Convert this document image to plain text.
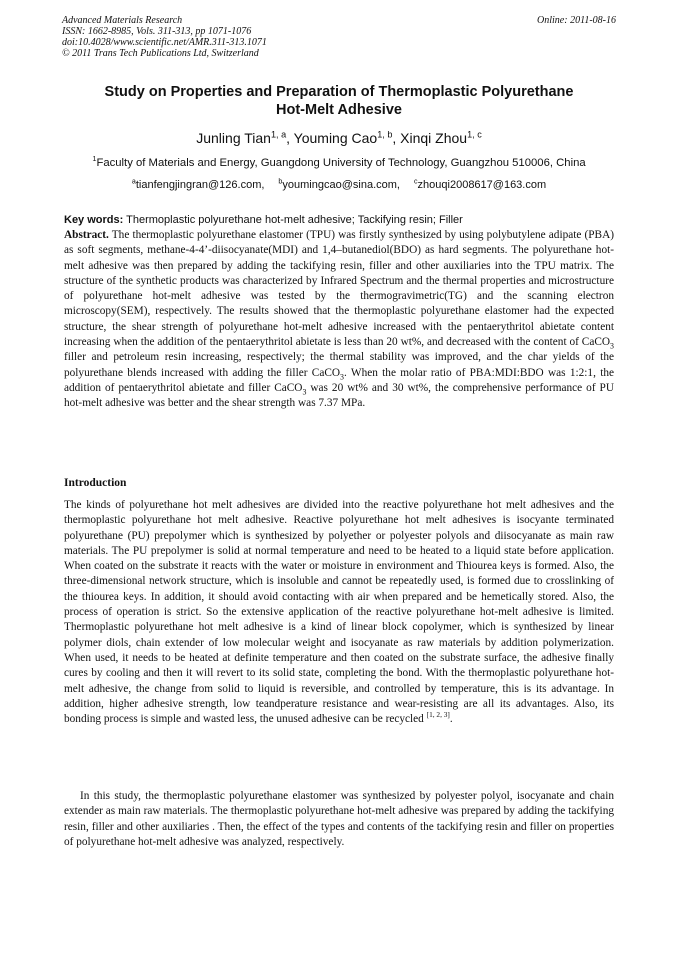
Advanced Materials Research
ISSN: 1662-8985, Vols. 311-313, pp 1071-1076
doi:10.4028/www.scientific.net/AMR.311-313.1071
© 2011 Trans Tech Publications Ltd, Switzerland
Online: 2011-08-16
Study on Properties and Preparation of Thermoplastic Polyurethane
Hot-Melt Adhesive
Junling Tian$^{1, a}$, Youming Cao$^{1, b}$, Xinqi Zhou$^{1, c}$
$^1$Faculty of Materials and Energy, Guangdong University of Technology, Guangzhou 510006, China
$^a$tianfengjingran@126.com, $^b$youmingcao@sina.com, $^c$zhouqi2008617@163.com
Key words: Thermoplastic polyurethane hot-melt adhesive; Tackifying resin; Filler
Abstract. The thermoplastic polyurethane elastomer (TPU) was firstly synthesized by using polybutylene adipate (PBA) as soft segments, methane-4-4’-diisocyanate(MDI) and 1,4–butanediol(BDO) as hard segments. The polyurethane hot-melt adhesive was then prepared by adding the tackifying resin, filler and other auxiliaries into the TPU matrix. The structure of the synthetic products was characterized by Infrared Spectrum and the thermal properties and microstructure of polyurethane hot-melt adhesive was tested by the thermogravimetric(TG) and the scanning electron microscopy(SEM), respectively. The results showed that the thermoplastic polyurethane elastomer had the expected structure, the shear strength of polyurethane hot-melt adhesive increased with the pentaerythritol abietate content increasing when the addition of the pentaerythritol abietate is less than 20 wt%, and decreased with the content of CaCO$_3$ filler and petroleum resin increasing, respectively; the thermal stability was improved, and the char yields of the polyurethane blends increased with adding the filler CaCO$_3$. When the molar ratio of PBA:MDI:BDO was 1:2:1, the addition of pentaerythritol abietate and filler CaCO$_3$ was 20 wt% and 30 wt%, the comprehensive performance of PU hot-melt adhesive was better and the shear strength was 7.37 MPa.
Introduction
The kinds of polyurethane hot melt adhesives are divided into the reactive polyurethane hot melt adhesives and the thermoplastic polyurethane hot melt adhesive. Reactive polyurethane hot melt adhesives is isocyante terminated polyurethane (PU) prepolymer which is synthesized by polyether or polyester polyols and diisocyanate as main raw materials. The PU prepolymer is solid at normal temperature and need to be heated to a liquid state before application. When coated on the substrate it reacts with the water or moisture in environment and Thiourea keys is formed. Also, the three-dimensional network structure, which is insoluble and cannot be repeatedly used, is formed due to crosslinking of the thiourea keys. In addition, it should avoid contacting with air when prepared and be hemetically stored. Also, the process of operation is strict. So the extensive application of the reactive polyurethane hot-melt adhesive is limited. Thermoplastic polyurethane hot melt adhesive is a kind of linear block copolymer, which is synthesized by linear polymer diols, chain extender of low molecular weight and isocyanate as raw materials by addition polymerization. When used, it needs to be heated at definite temperature and then coated on the substrate surface, the adhesive finally cures by cooling and then it will revert to its solid state, completing the bond. With the thermoplastic polyurethane hot-melt adhesive, the change from solid to liquid is reversible, and controlled by temperature, this is its advantage. In addition, higher adhesive strength, low teandperature resistance and wear-resisting are all its advantages. Also, its bonding process is simple and wasted less, the unused adhesive can be recycled [1, 2, 3].
In this study, the thermoplastic polyurethane elastomer was synthesized by polyester polyol, isocyanate and chain extender as main raw materials. The thermoplastic polyurethane hot-melt adhesive was prepared by adding the tackifying resin, filler and other auxiliaries . Then, the effect of the types and contents of the tackifying resin and filler on properties of polyurethane hot-melt adhesive was analyzed, respectively.
